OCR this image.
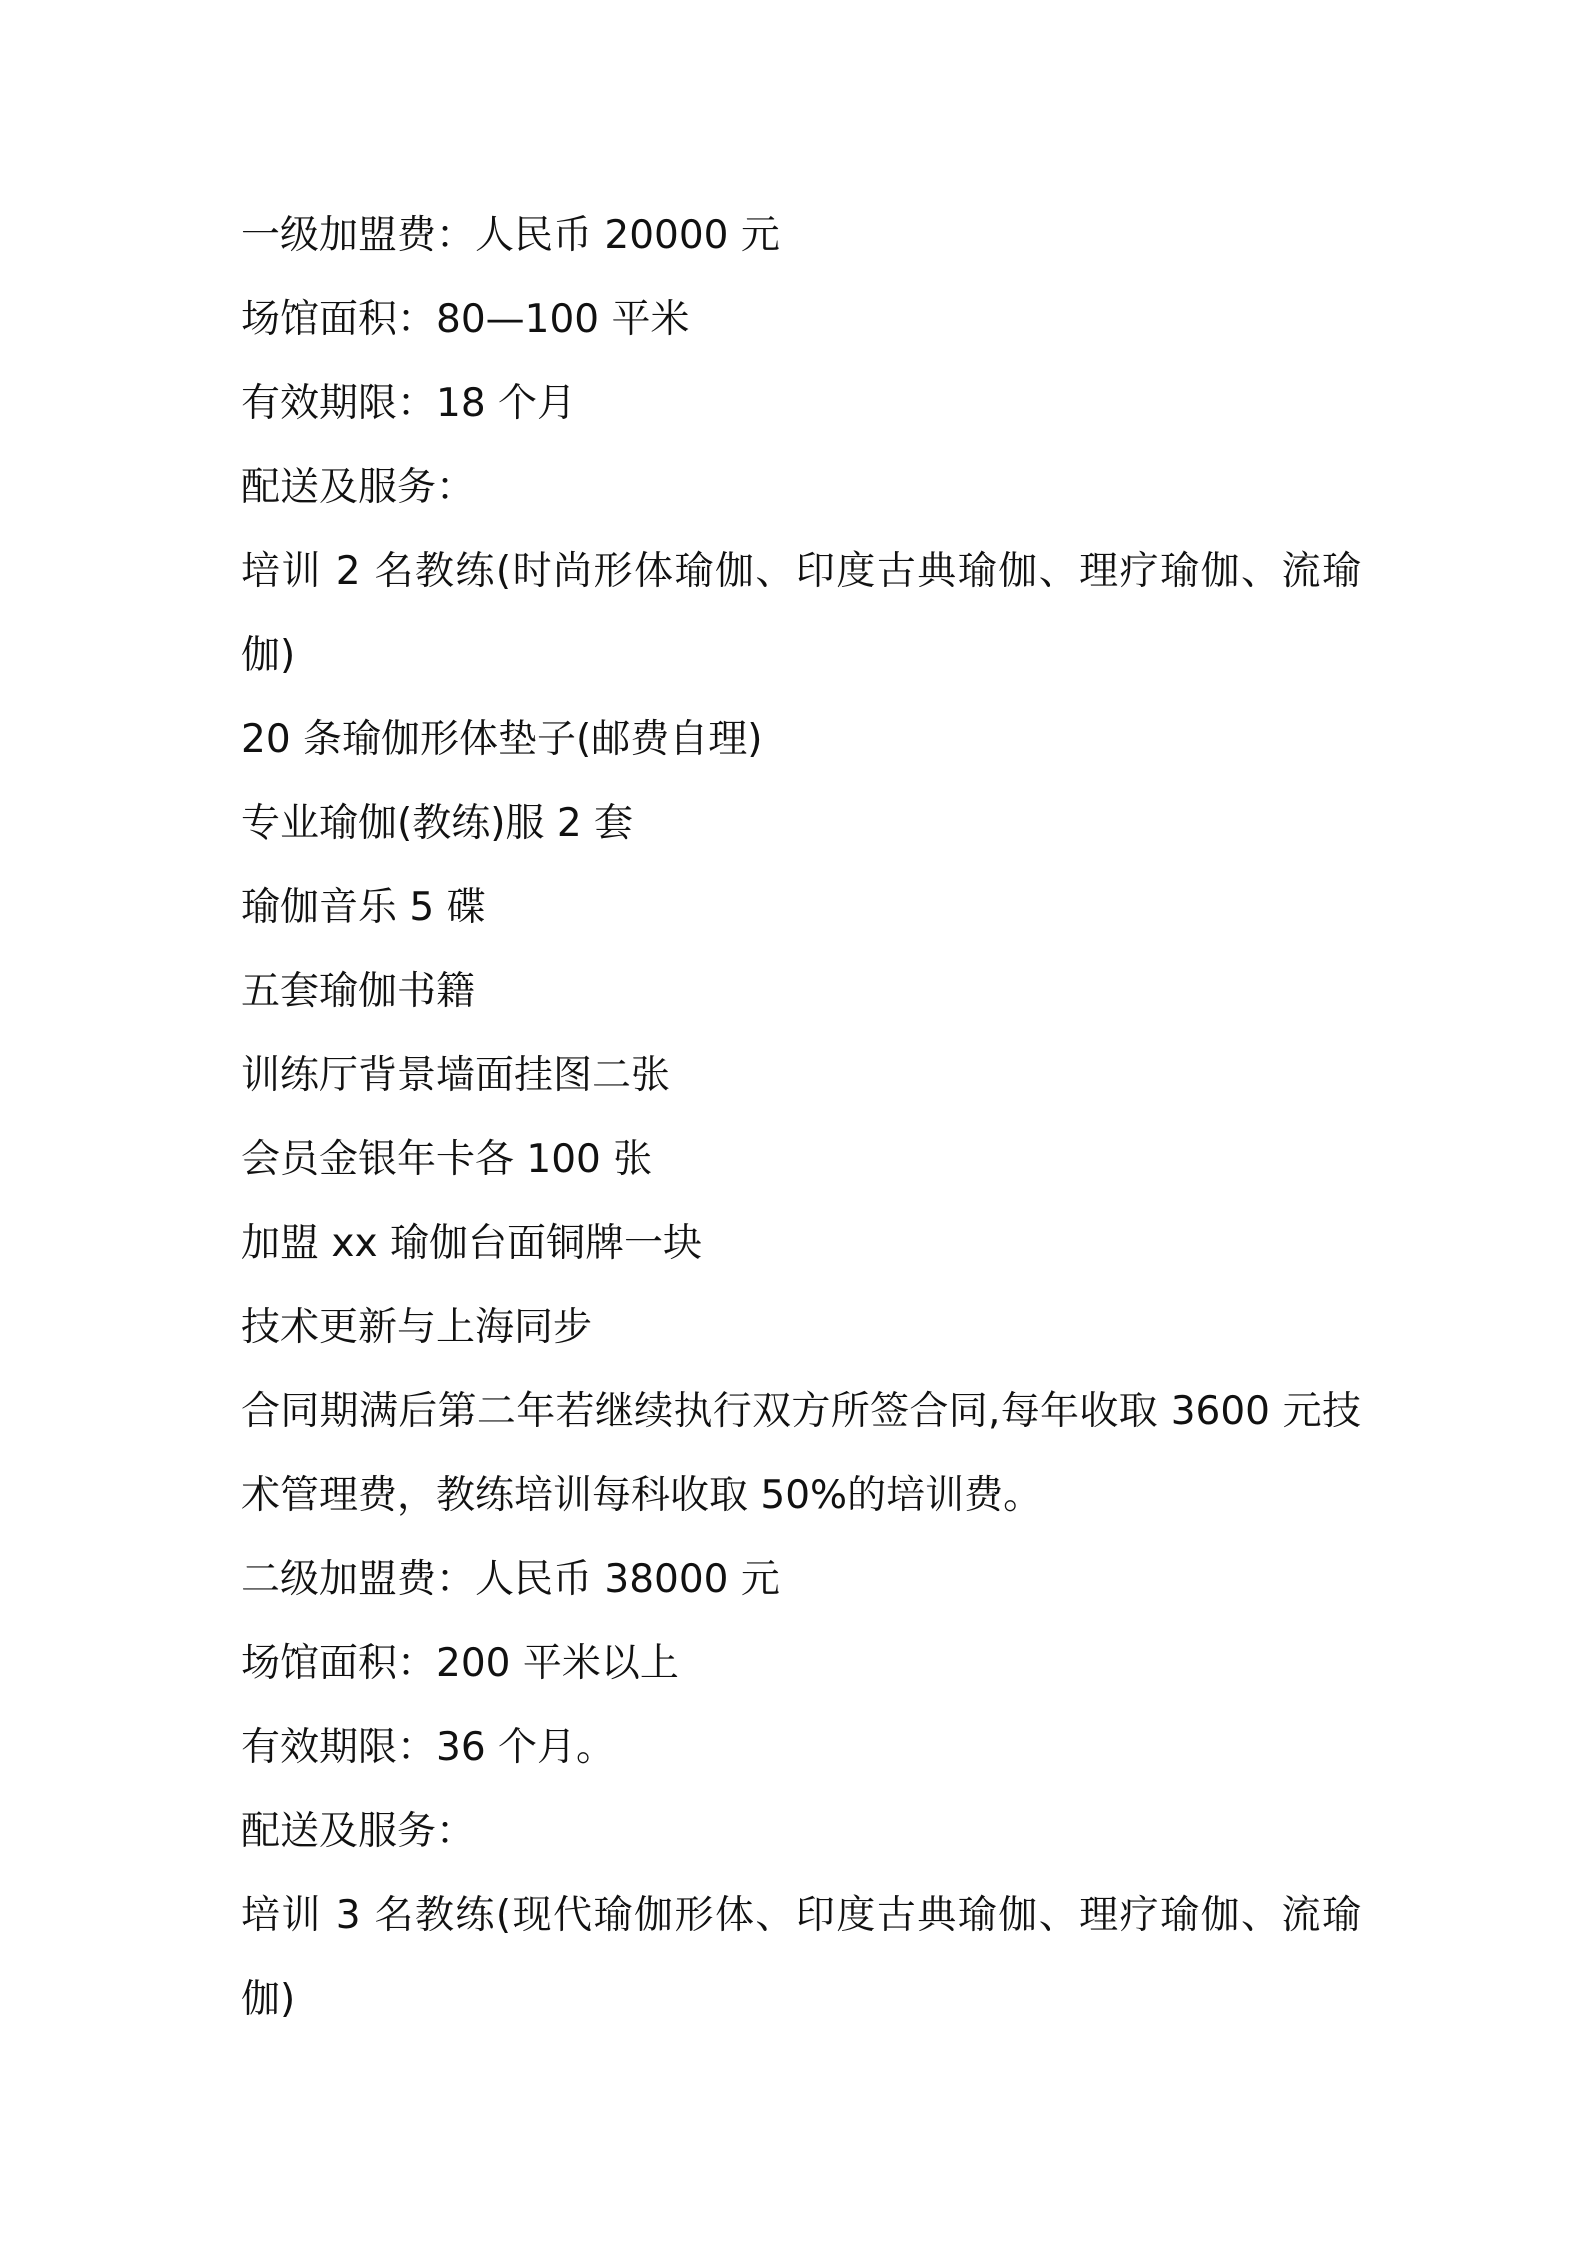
一级加盟费：人民币 20000 元
场馆面积：80—100 平米
有效期限：18 个月
配送及服务：
培训 2 名教练(时尚形体瑜伽、印度古典瑜伽、理疗瑜伽、流瑜伽)
20 条瑜伽形体垫子(邮费自理)
专业瑜伽(教练)服 2 套
瑜伽音乐 5 碟
五套瑜伽书籍
训练厅背景墙面挂图二张
会员金银年卡各 100 张
加盟 xx 瑜伽台面铜牌一块
技术更新与上海同步
合同期满后第二年若继续执行双方所签合同,每年收取 3600 元技术管理费，教练培训每科收取 50%的培训费。
二级加盟费：人民币 38000 元
场馆面积：200 平米以上
有效期限：36 个月。
配送及服务：
培训 3 名教练(现代瑜伽形体、印度古典瑜伽、理疗瑜伽、流瑜伽)
